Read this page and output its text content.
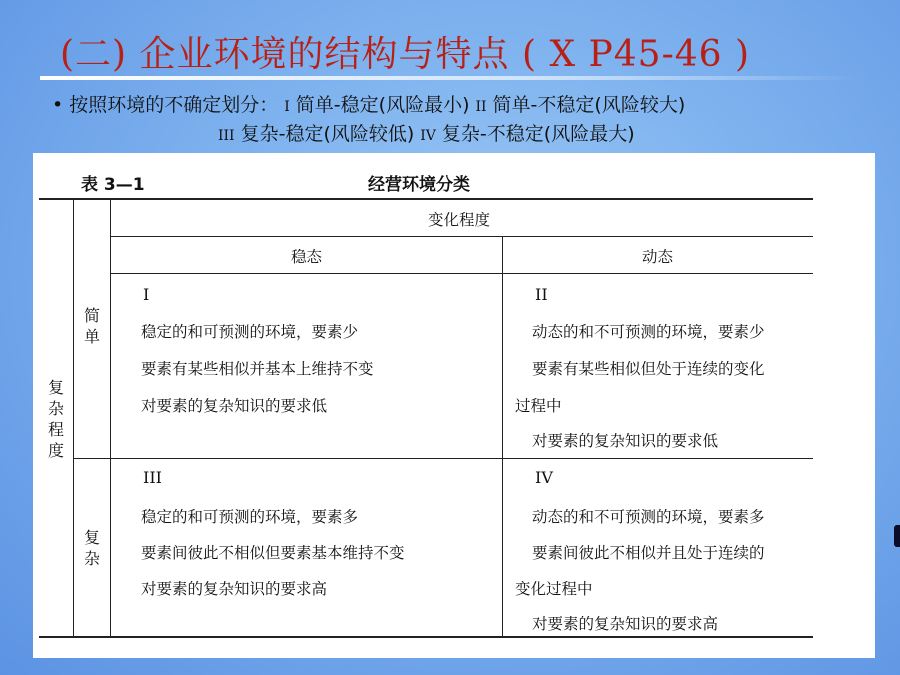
(二) 企业环境的结构与特点 ( X P45-46 )
• 按照环境的不确定划分： I 简单-稳定(风险最小) II 简单-不稳定(风险较大)
III 复杂-稳定(风险较低) IV 复杂-不稳定(风险最大)
表 3—1	经营环境分类
变化程度
稳态	动态
复杂程度
简单
复杂
I
稳定的和可预测的环境，要素少
要素有某些相似并基本上维持不变
对要素的复杂知识的要求低
II
动态的和不可预测的环境，要素少
要素有某些相似但处于连续的变化
过程中
对要素的复杂知识的要求低
III
稳定的和可预测的环境，要素多
要素间彼此不相似但要素基本维持不变
对要素的复杂知识的要求高
IV
动态的和不可预测的环境，要素多
要素间彼此不相似并且处于连续的
变化过程中
对要素的复杂知识的要求高
